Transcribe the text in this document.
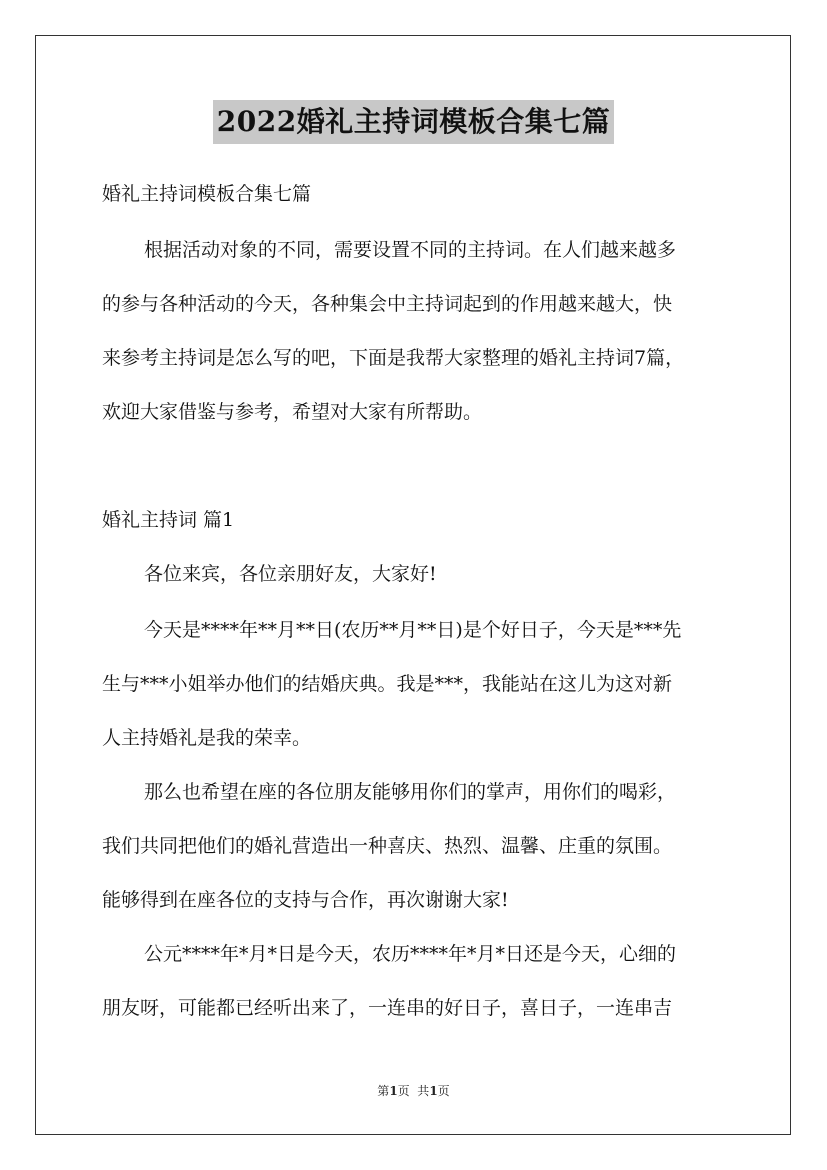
2022婚礼主持词模板合集七篇
婚礼主持词模板合集七篇
根据活动对象的不同，需要设置不同的主持词。在人们越来越多
的参与各种活动的今天，各种集会中主持词起到的作用越来越大，快
来参考主持词是怎么写的吧，下面是我帮大家整理的婚礼主持词7篇，
欢迎大家借鉴与参考，希望对大家有所帮助。
婚礼主持词 篇1
各位来宾，各位亲朋好友，大家好!
今天是****年**月**日(农历**月**日)是个好日子，今天是***先
生与***小姐举办他们的结婚庆典。我是***，我能站在这儿为这对新
人主持婚礼是我的荣幸。
那么也希望在座的各位朋友能够用你们的掌声，用你们的喝彩，
我们共同把他们的婚礼营造出一种喜庆、热烈、温馨、庄重的氛围。
能够得到在座各位的支持与合作，再次谢谢大家!
公元****年*月*日是今天，农历****年*月*日还是今天，心细的
朋友呀，可能都已经听出来了，一连串的好日子，喜日子，一连串吉
第1页  共1页
